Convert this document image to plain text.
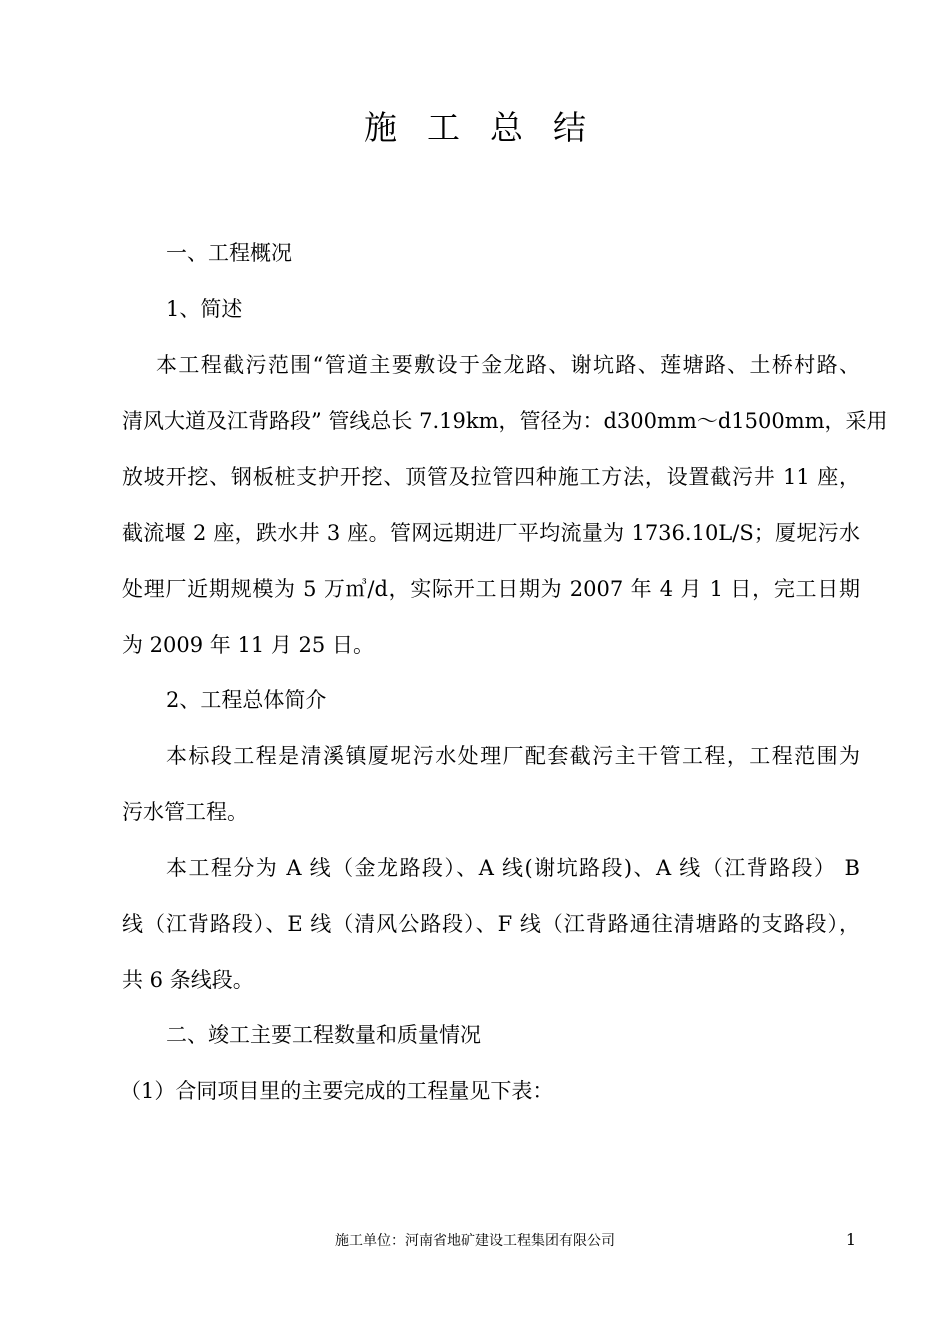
施工总结
一、工程概况
1、简述
本工程截污范围“管道主要敷设于金龙路、谢坑路、莲塘路、土桥村路、
清风大道及江背路段” 管线总长 7.19km，管径为：d300mm～d1500mm，采用
放坡开挖、钢板桩支护开挖、顶管及拉管四种施工方法，设置截污井 11 座，
截流堰 2 座，跌水井 3 座。管网远期进厂平均流量为 1736.10L/S；厦坭污水
处理厂近期规模为 5 万㎥/d，实际开工日期为 2007 年 4 月 1 日，完工日期
为 2009 年 11 月 25 日。
2、工程总体简介
本标段工程是清溪镇厦坭污水处理厂配套截污主干管工程，工程范围为
污水管工程。
本工程分为 A 线（金龙路段）、A 线(谢坑路段)、A 线（江背路段） B
线（江背路段）、E 线（清风公路段）、F 线（江背路通往清塘路的支路段），
共 6 条线段。
二、竣工主要工程数量和质量情况
（1）合同项目里的主要完成的工程量见下表：
施工单位：河南省地矿建设工程集团有限公司	1
